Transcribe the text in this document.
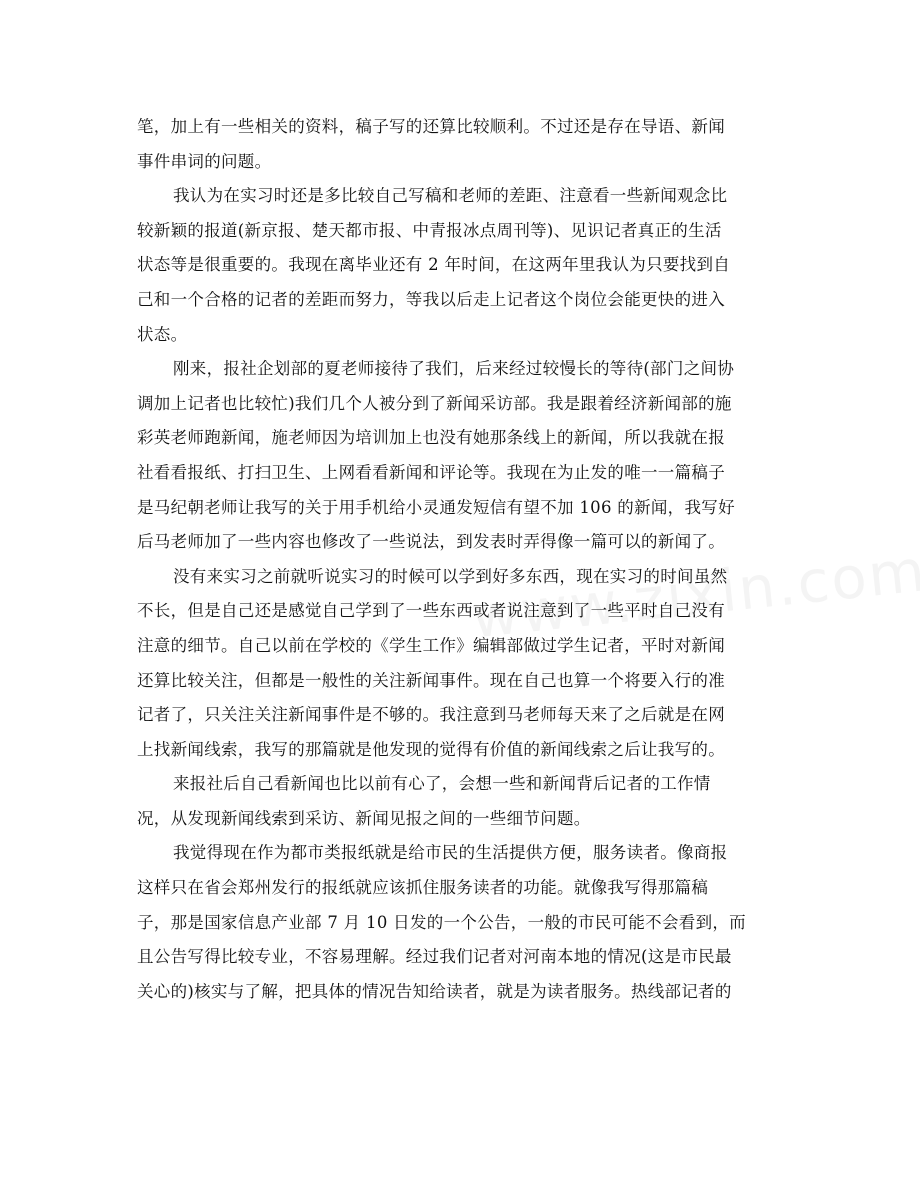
笔，加上有一些相关的资料，稿子写的还算比较顺利。不过还是存在导语、新闻
事件串词的问题。
我认为在实习时还是多比较自己写稿和老师的差距、注意看一些新闻观念比
较新颖的报道(新京报、楚天都市报、中青报冰点周刊等)、见识记者真正的生活
状态等是很重要的。我现在离毕业还有 2 年时间，在这两年里我认为只要找到自
己和一个合格的记者的差距而努力，等我以后走上记者这个岗位会能更快的进入
状态。
刚来，报社企划部的夏老师接待了我们，后来经过较慢长的等待(部门之间协
调加上记者也比较忙)我们几个人被分到了新闻采访部。我是跟着经济新闻部的施
彩英老师跑新闻，施老师因为培训加上也没有她那条线上的新闻，所以我就在报
社看看报纸、打扫卫生、上网看看新闻和评论等。我现在为止发的唯一一篇稿子
是马纪朝老师让我写的关于用手机给小灵通发短信有望不加 106 的新闻，我写好
后马老师加了一些内容也修改了一些说法，到发表时弄得像一篇可以的新闻了。
没有来实习之前就听说实习的时候可以学到好多东西，现在实习的时间虽然
不长，但是自己还是感觉自己学到了一些东西或者说注意到了一些平时自己没有
注意的细节。自己以前在学校的《学生工作》编辑部做过学生记者，平时对新闻
还算比较关注，但都是一般性的关注新闻事件。现在自己也算一个将要入行的准
记者了，只关注关注新闻事件是不够的。我注意到马老师每天来了之后就是在网
上找新闻线索，我写的那篇就是他发现的觉得有价值的新闻线索之后让我写的。
来报社后自己看新闻也比以前有心了，会想一些和新闻背后记者的工作情
况，从发现新闻线索到采访、新闻见报之间的一些细节问题。
我觉得现在作为都市类报纸就是给市民的生活提供方便，服务读者。像商报
这样只在省会郑州发行的报纸就应该抓住服务读者的功能。就像我写得那篇稿
子，那是国家信息产业部 7 月 10 日发的一个公告，一般的市民可能不会看到，而
且公告写得比较专业，不容易理解。经过我们记者对河南本地的情况(这是市民最
关心的)核实与了解，把具体的情况告知给读者，就是为读者服务。热线部记者的
